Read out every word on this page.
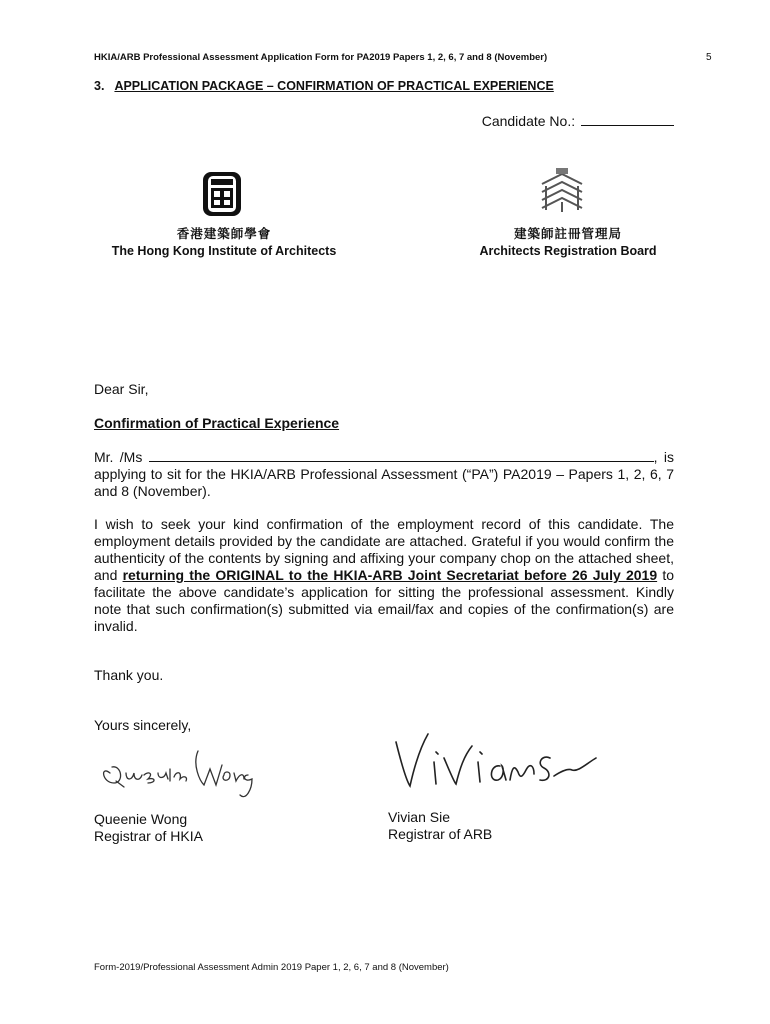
HKIA/ARB Professional Assessment Application Form for PA2019 Papers 1, 2, 6, 7 and 8 (November)	5
3. APPLICATION PACKAGE – CONFIRMATION OF PRACTICAL EXPERIENCE
Candidate No.:
香港建築師學會
The Hong Kong Institute of Architects
建築師註冊管理局
Architects Registration Board
Dear Sir,
Confirmation of Practical Experience
Mr. /Ms	, is applying to sit for the HKIA/ARB Professional Assessment (“PA”) PA2019 – Papers 1, 2, 6, 7 and 8 (November).
I wish to seek your kind confirmation of the employment record of this candidate. The employment details provided by the candidate are attached. Grateful if you would confirm the authenticity of the contents by signing and affixing your company chop on the attached sheet, and returning the ORIGINAL to the HKIA-ARB Joint Secretariat before 26 July 2019 to facilitate the above candidate’s application for sitting the professional assessment. Kindly note that such confirmation(s) submitted via email/fax and copies of the confirmation(s) are invalid.
Thank you.
Yours sincerely,
Queenie Wong
Registrar of HKIA
Vivian Sie
Registrar of ARB
Form-2019/Professional Assessment Admin 2019 Paper 1, 2, 6, 7 and 8 (November)
